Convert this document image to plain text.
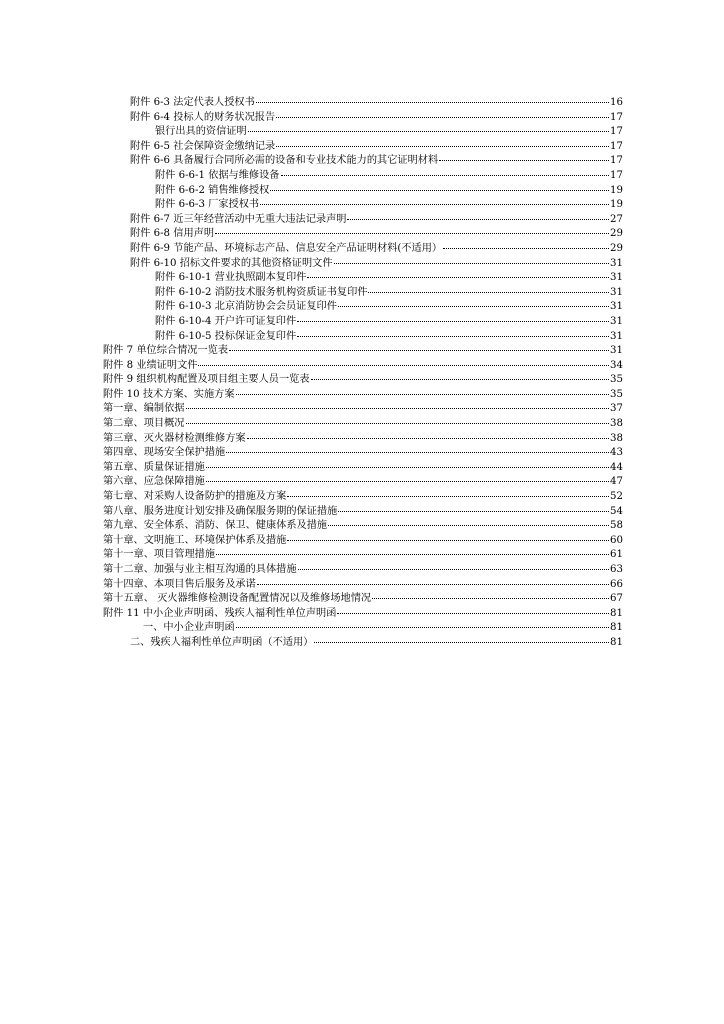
附件 6-3 法定代表人授权书	16
附件 6-4 投标人的财务状况报告	17
银行出具的资信证明	17
附件 6-5 社会保障资金缴纳记录	17
附件 6-6 具备履行合同所必需的设备和专业技术能力的其它证明材料	17
附件 6-6-1 依据与维修设备	17
附件 6-6-2 销售维修授权	19
附件 6-6-3 厂家授权书	19
附件 6-7 近三年经营活动中无重大违法记录声明	27
附件 6-8 信用声明	29
附件 6-9 节能产品、环境标志产品、信息安全产品证明材料(不适用）	29
附件 6-10 招标文件要求的其他资格证明文件	31
附件 6-10-1 营业执照副本复印件	31
附件 6-10-2 消防技术服务机构资质证书复印件	31
附件 6-10-3 北京消防协会会员证复印件	31
附件 6-10-4 开户许可证复印件	31
附件 6-10-5 投标保证金复印件	31
附件 7 单位综合情况一览表	31
附件 8 业绩证明文件	34
附件 9 组织机构配置及项目组主要人员一览表	35
附件 10 技术方案、实施方案	35
第一章、编制依据	37
第二章、项目概况	38
第三章、灭火器材检测维修方案	38
第四章、现场安全保护措施	43
第五章、质量保证措施	44
第六章、应急保障措施	47
第七章、对采购人设备防护的措施及方案	52
第八章、服务进度计划安排及确保服务期的保证措施	54
第九章、安全体系、消防、保卫、健康体系及措施	58
第十章、文明施工、环境保护体系及措施	60
第十一章、项目管理措施	61
第十二章、加强与业主相互沟通的具体措施	63
第十四章、本项目售后服务及承诺	66
第十五章、 灭火器维修检测设备配置情况以及维修场地情况	67
附件 11 中小企业声明函、残疾人福利性单位声明函	81
一、中小企业声明函	81
二、残疾人福利性单位声明函（不适用）	81
